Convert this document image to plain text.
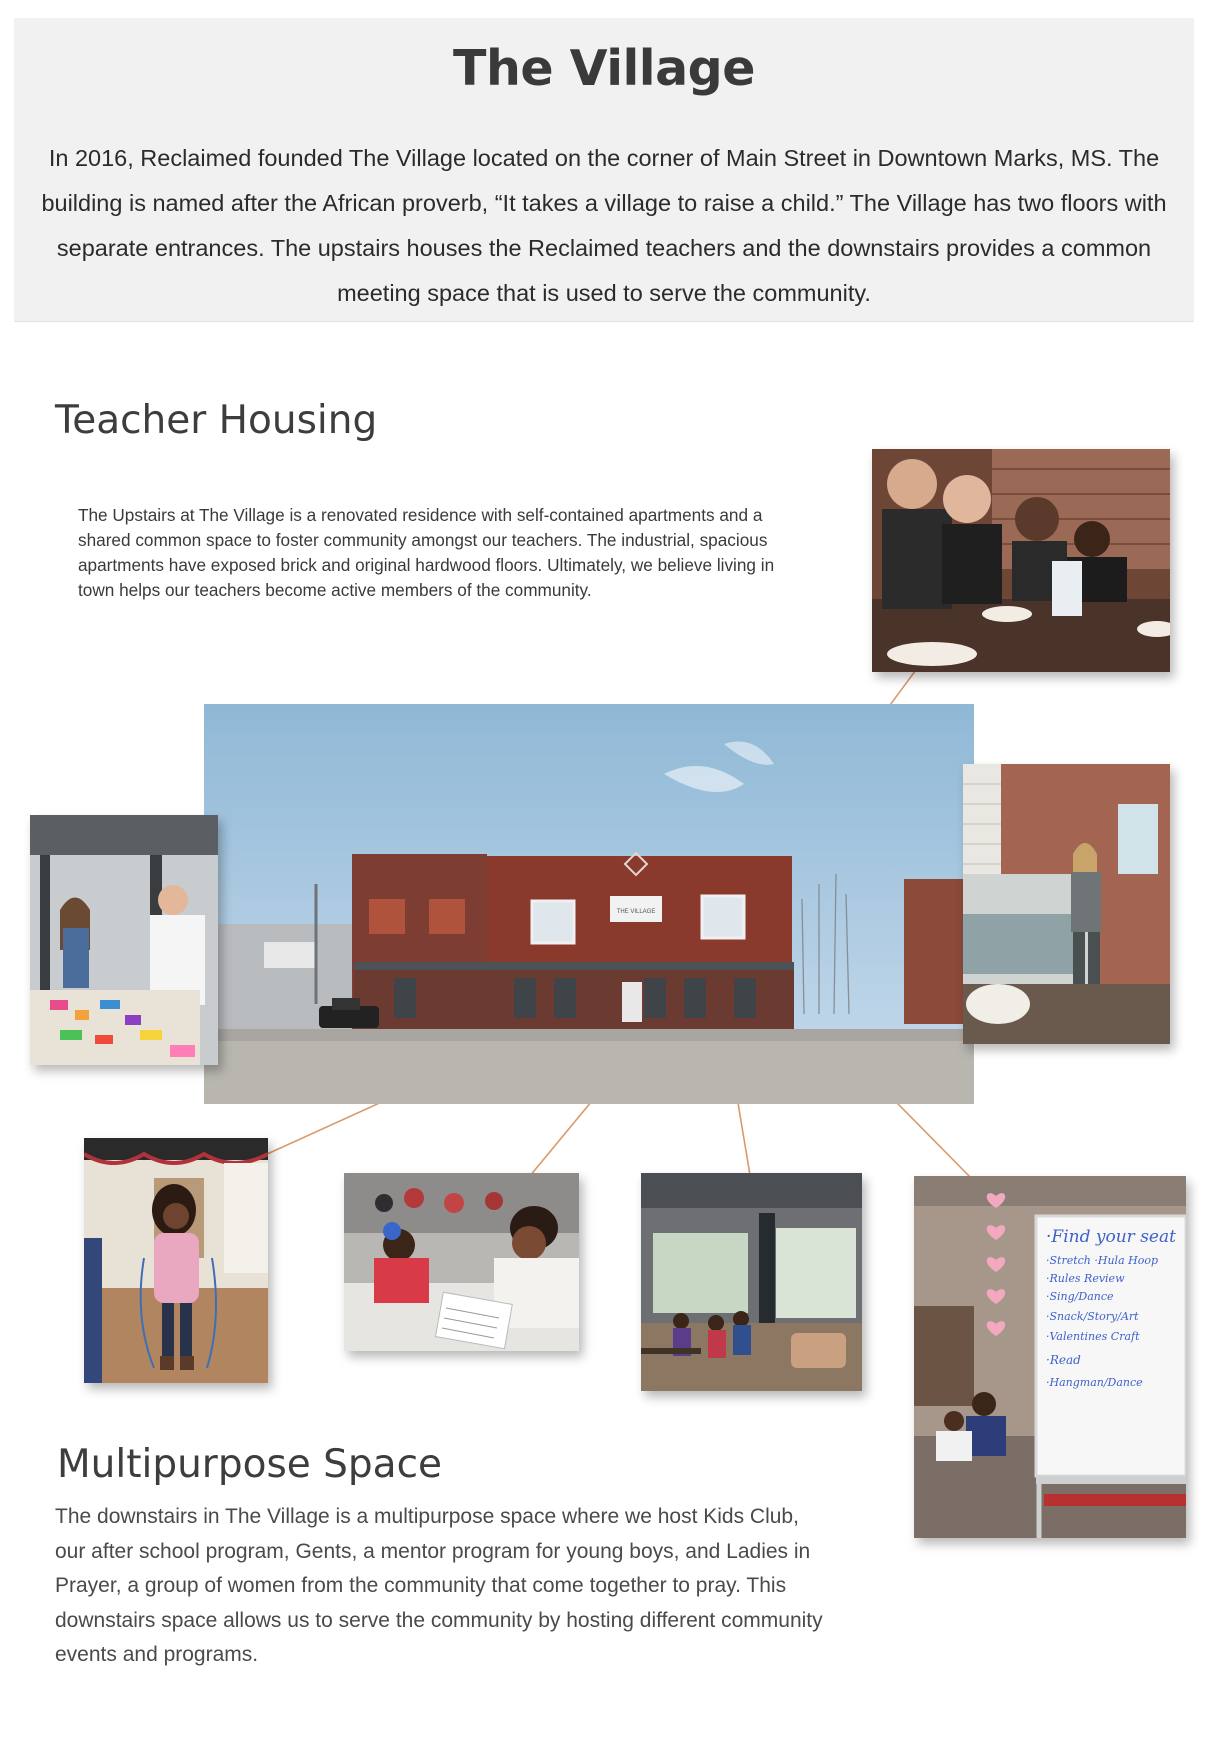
The Village

In 2016, Reclaimed founded The Village located on the corner of Main Street in Downtown Marks, MS. The building is named after the African proverb, “It takes a village to raise a child.” The Village has two floors with separate entrances. The upstairs houses the Reclaimed teachers and the downstairs provides a common meeting space that is used to serve the community.

Teacher Housing

The Upstairs at The Village is a renovated residence with self-contained apartments and a shared common space to foster community amongst our teachers. The industrial, spacious apartments have exposed brick and original hardwood floors. Ultimately, we believe living in town helps our teachers become active members of the community.

THE VILLAGE
·Find your seat
·Stretch ·Hula Hoop
·Rules Review
·Sing/Dance
·Snack/Story/Art
·Valentines Craft
·Read
·Hangman/Dance
Multipurpose Space

The downstairs in The Village is a multipurpose space where we host Kids Club, our after school program, Gents, a mentor program for young boys, and Ladies in Prayer, a group of women from the community that come together to pray. This downstairs space allows us to serve the community by hosting different community events and programs.
